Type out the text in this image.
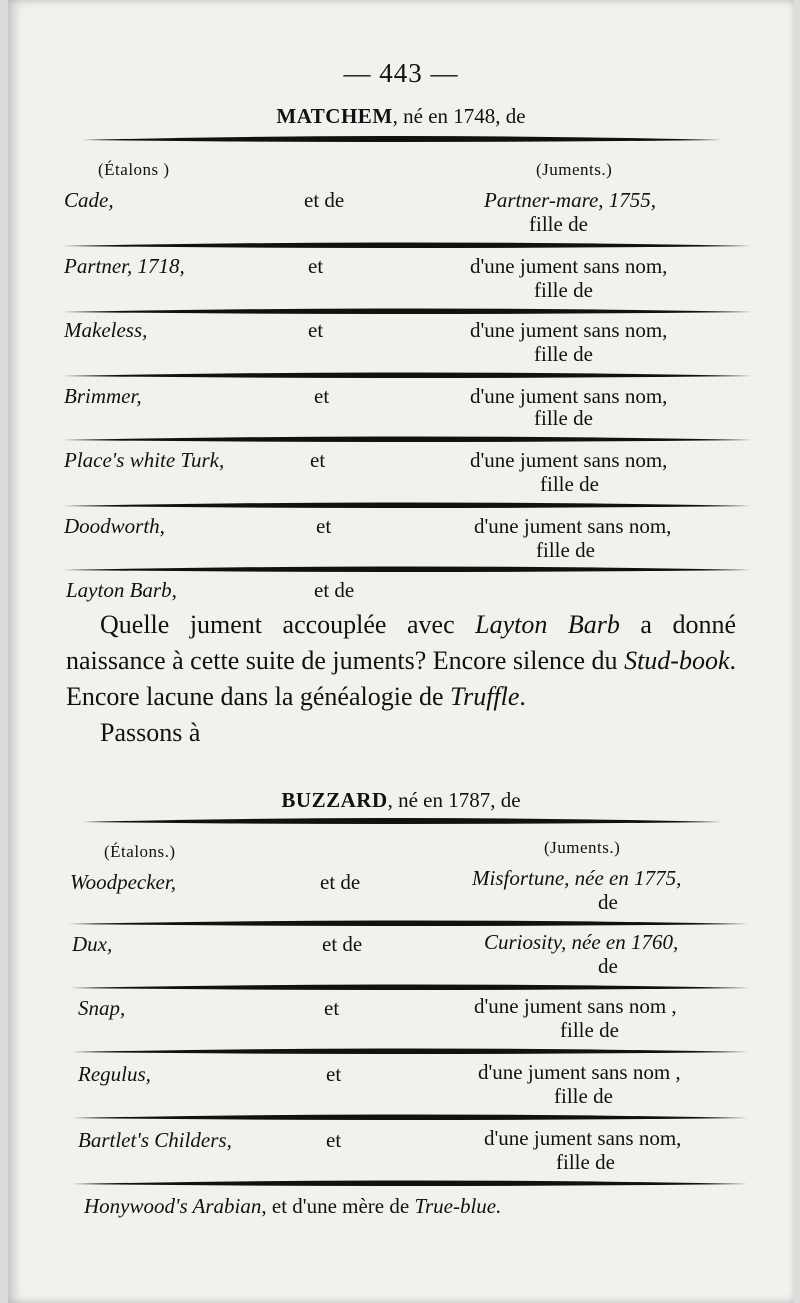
— 443 —
MATCHEM, né en 1748, de
(Étalons )	(Juments.)
Cade,	et de	Partner-mare, 1755,
fille de
Partner, 1718,	et	d'une jument sans nom,
fille de
Makeless,	et	d'une jument sans nom,
fille de
Brimmer,	et	d'une jument sans nom,
fille de
Place's white Turk,	et	d'une jument sans nom,
fille de
Doodworth,	et	d'une jument sans nom,
fille de
Layton Barb,	et de

Quelle jument accouplée avec Layton Barb a donné naissance à cette suite de juments? Encore silence du Stud-book. Encore lacune dans la généalogie de Truffle.

Passons à

BUZZARD, né en 1787, de
(Étalons.)	(Juments.)
Woodpecker,	et de	Misfortune, née en 1775,
de
Dux,	et de	Curiosity, née en 1760,
de
Snap,	et	d'une jument sans nom ,
fille de
Regulus,	et	d'une jument sans nom ,
fille de
Bartlet's Childers,	et	d'une jument sans nom,
fille de
Honywood's Arabian, et d'une mère de True-blue.
